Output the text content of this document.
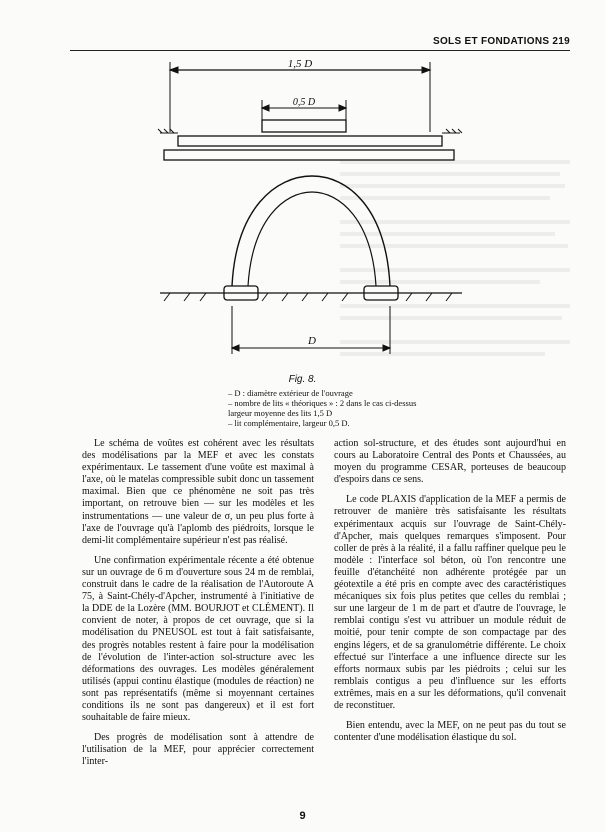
SOLS ET FONDATIONS 219
1,5 D
0,5 D
D
Fig. 8.
– D : diamètre extérieur de l'ouvrage
– nombre de lits « théoriques » : 2 dans le cas ci-dessus
largeur moyenne des lits 1,5 D
– lit complémentaire, largeur 0,5 D.

Le schéma de voûtes est cohérent avec les résultats des modélisations par la MEF et avec les constats expérimentaux. Le tassement d'une voûte est maximal à l'axe, où le matelas compressible subit donc un tassement maximal. Bien que ce phénomène ne soit pas très important, on retrouve bien — sur les modèles et les instrumentations — une valeur de σ, un peu plus forte à l'axe de l'ouvrage qu'à l'aplomb des piédroits, lorsque le demi-lit complémentaire supérieur n'est pas réalisé.

Une confirmation expérimentale récente a été obtenue sur un ouvrage de 6 m d'ouverture sous 24 m de remblai, construit dans le cadre de la réalisation de l'Autoroute A 75, à Saint-Chély-d'Apcher, instrumenté à l'initiative de la DDE de la Lozère (MM. BOURJOT et CLÉMENT). Il convient de noter, à propos de cet ouvrage, que si la modélisation du PNEUSOL est tout à fait satisfaisante, des progrès notables restent à faire pour la modélisation de l'évolution de l'inter-action sol-structure avec les déformations des ouvrages. Les modèles généralement utilisés (appui continu élastique (modules de réaction) ne sont pas représentatifs (même si moyennant certaines conditions ils ne sont pas dangereux) et il est fort souhaitable de faire mieux.

Des progrès de modélisation sont à attendre de l'utilisation de la MEF, pour apprécier correctement l'inter-

action sol-structure, et des études sont aujourd'hui en cours au Laboratoire Central des Ponts et Chaussées, au moyen du programme CESAR, porteuses de beaucoup d'espoirs dans ce sens.

Le code PLAXIS d'application de la MEF a permis de retrouver de manière très satisfaisante les résultats expérimentaux acquis sur l'ouvrage de Saint-Chély-d'Apcher, mais quelques remarques s'imposent. Pour coller de près à la réalité, il a fallu raffiner quelque peu le modèle : l'interface sol béton, où l'on rencontre une feuille d'étanchéité non adhérente protégée par un géotextile a été pris en compte avec des caractéristiques mécaniques six fois plus petites que celles du remblai ; sur une largeur de 1 m de part et d'autre de l'ouvrage, le remblai contigu s'est vu attribuer un module réduit de moitié, pour tenir compte de son compactage par des engins légers, et de sa granulométrie différente. Le choix effectué sur l'interface a une influence directe sur les efforts normaux subis par les piédroits ; celui sur les remblais contigus a peu d'influence sur les efforts extrêmes, mais en a sur les déformations, qu'il convenait de reconstituer.

Bien entendu, avec la MEF, on ne peut pas du tout se contenter d'une modélisation élastique du sol.

9
